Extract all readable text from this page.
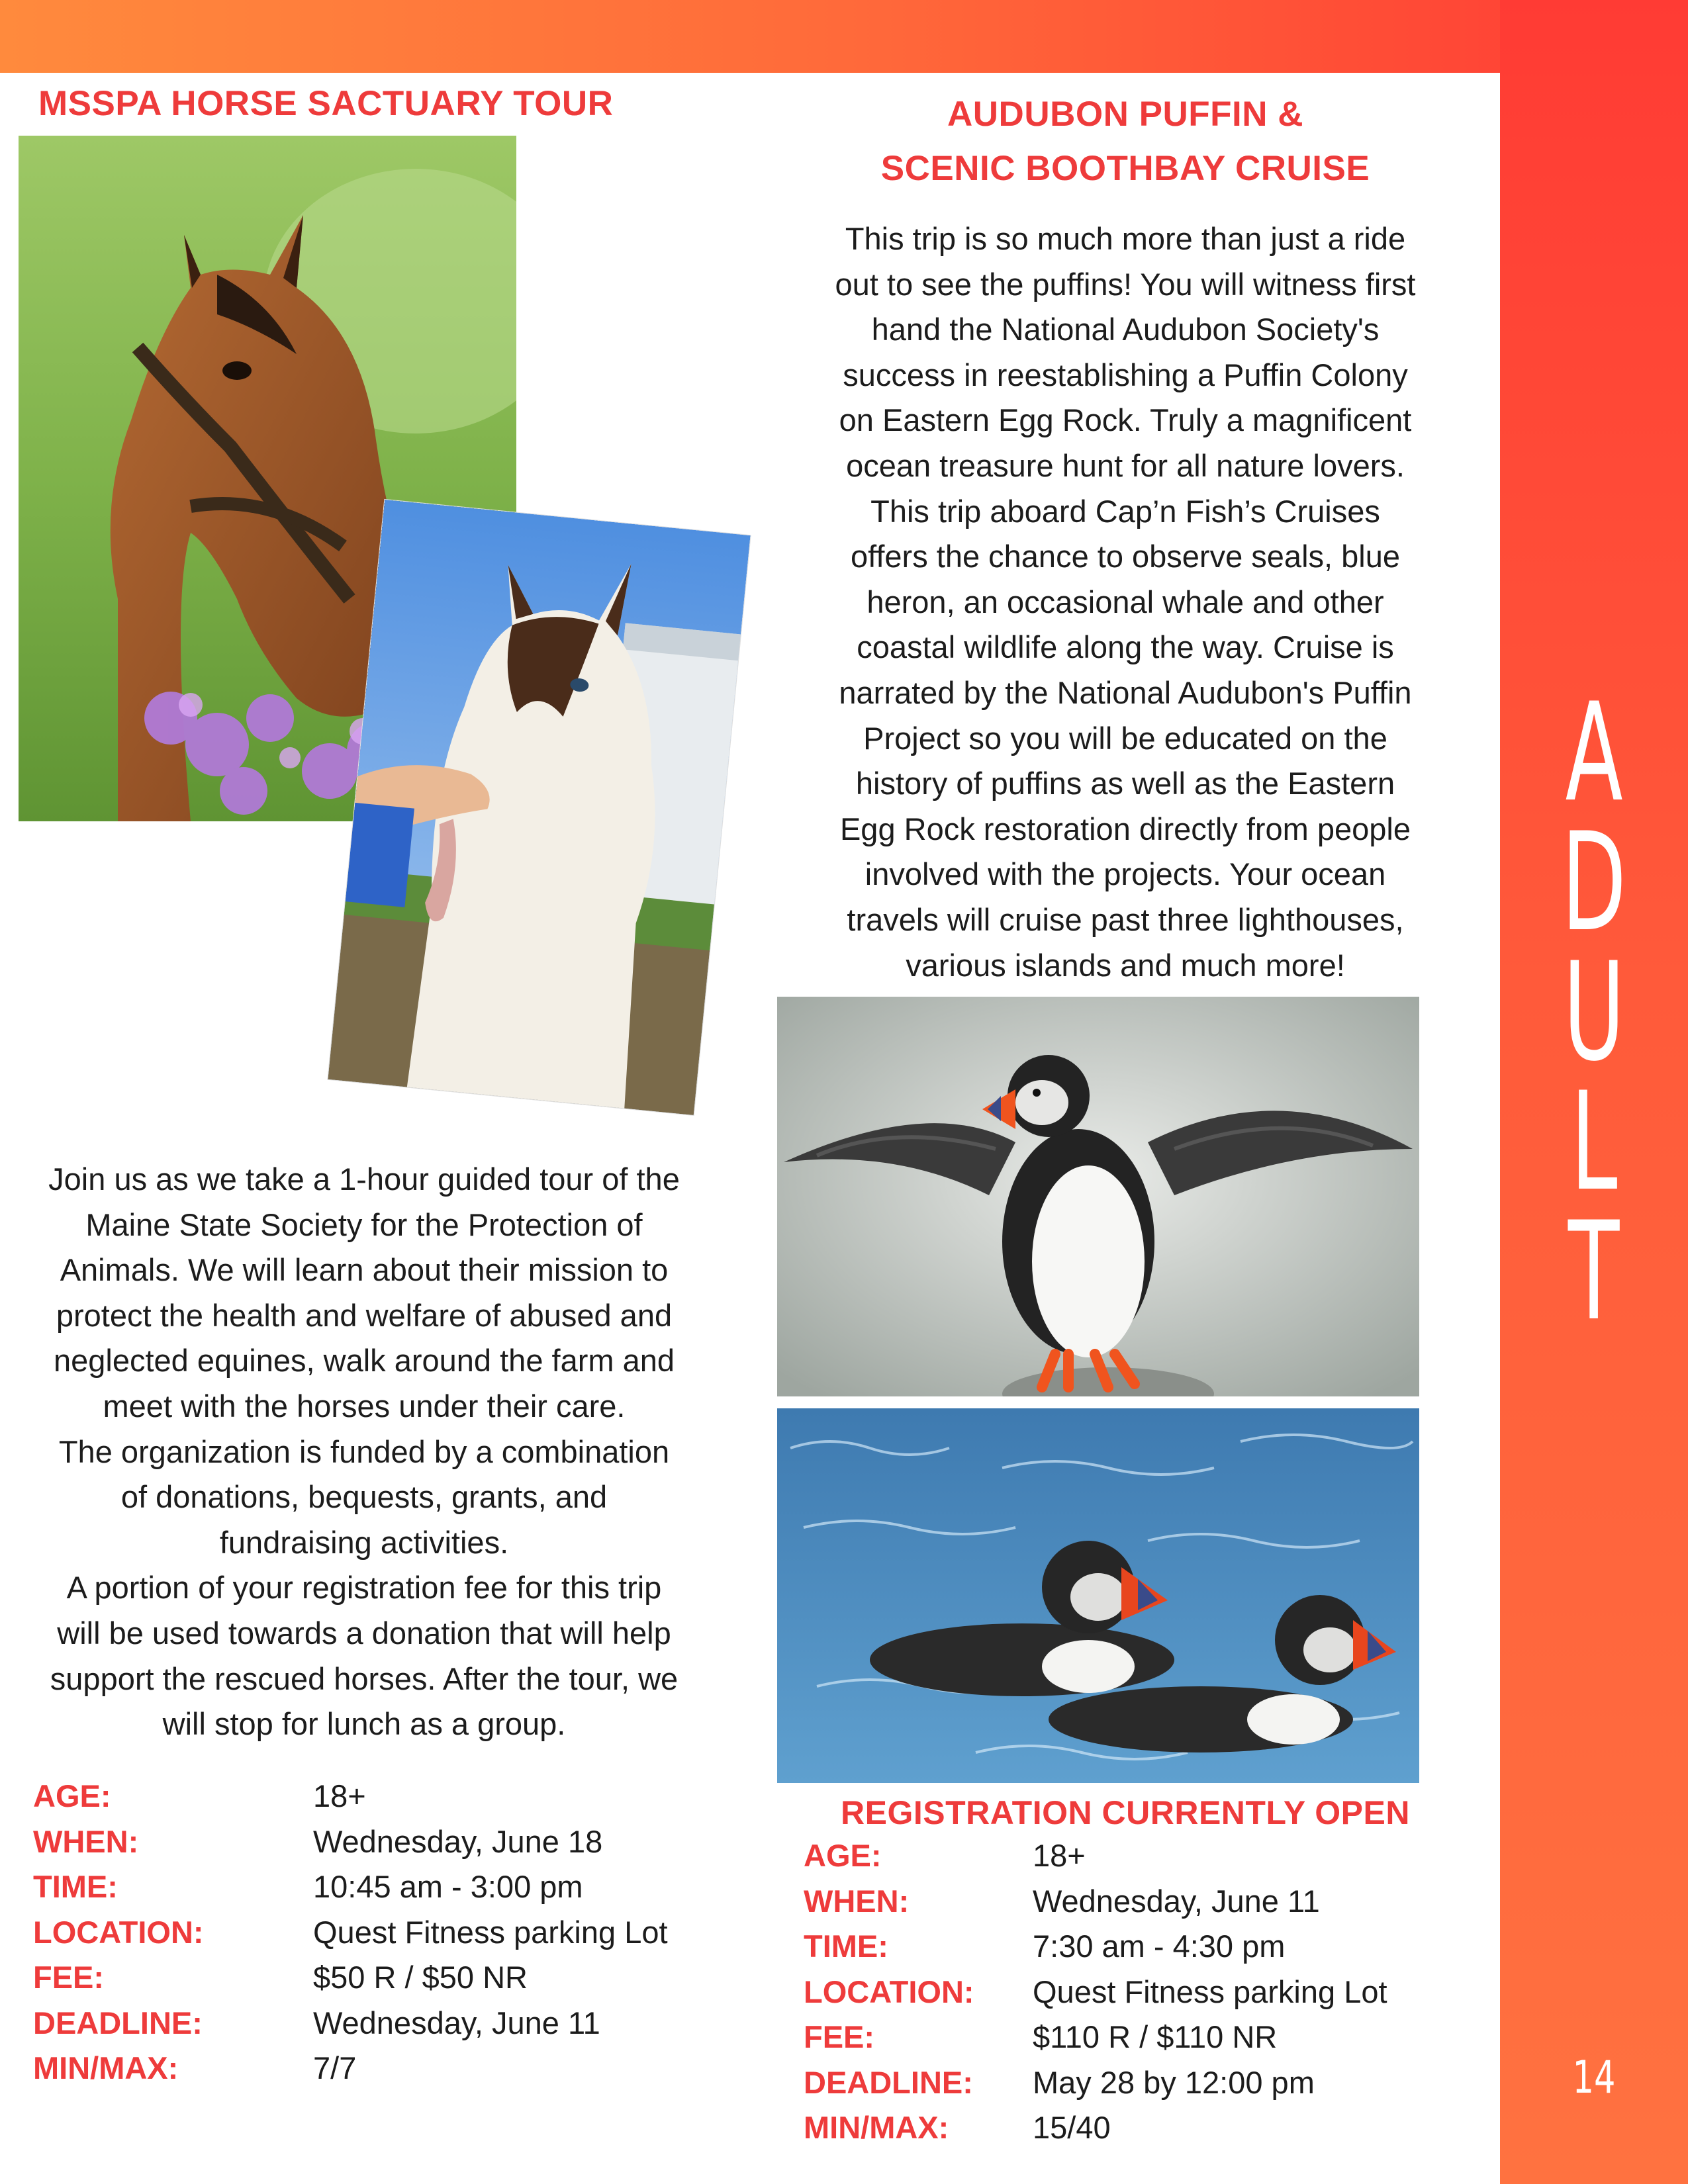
A
D
U
L
T
14
MSSPA HORSE SACTUARY TOUR

Join us as we take a 1-hour guided tour of the

Maine State Society for the Protection of

Animals. We will learn about their mission to

protect the health and welfare of abused and

neglected equines, walk around the farm and

meet with the horses under their care.

The organization is funded by a combination

of donations, bequests, grants, and

fundraising activities.

A portion of your registration fee for this trip

will be used towards a donation that will help

support the rescued horses. After the tour, we

will stop for lunch as a group.

AGE:	18+
WHEN:	Wednesday, June 18
TIME:	10:45 am - 3:00 pm
LOCATION:	Quest Fitness parking Lot
FEE:	$50 R / $50 NR
DEADLINE:	Wednesday, June 11
MIN/MAX:	7/7
AUDUBON PUFFIN &
SCENIC BOOTHBAY CRUISE

This trip is so much more than just a ride

out to see the puffins! You will witness first

hand the National Audubon Society's

success in reestablishing a Puffin Colony

on Eastern Egg Rock. Truly a magnificent

ocean treasure hunt for all nature lovers.

This trip aboard Cap’n Fish’s Cruises

offers the chance to observe seals, blue

heron, an occasional whale and other

coastal wildlife along the way. Cruise is

narrated by the National Audubon's Puffin

Project so you will be educated on the

history of puffins as well as the Eastern

Egg Rock restoration directly from people

involved with the projects. Your ocean

travels will cruise past three lighthouses,

various islands and much more!

REGISTRATION CURRENTLY OPEN
AGE:	18+
WHEN:	Wednesday, June 11
TIME:	7:30 am - 4:30 pm
LOCATION:	Quest Fitness parking Lot
FEE:	$110 R / $110 NR
DEADLINE:	May 28 by 12:00 pm
MIN/MAX:	15/40
